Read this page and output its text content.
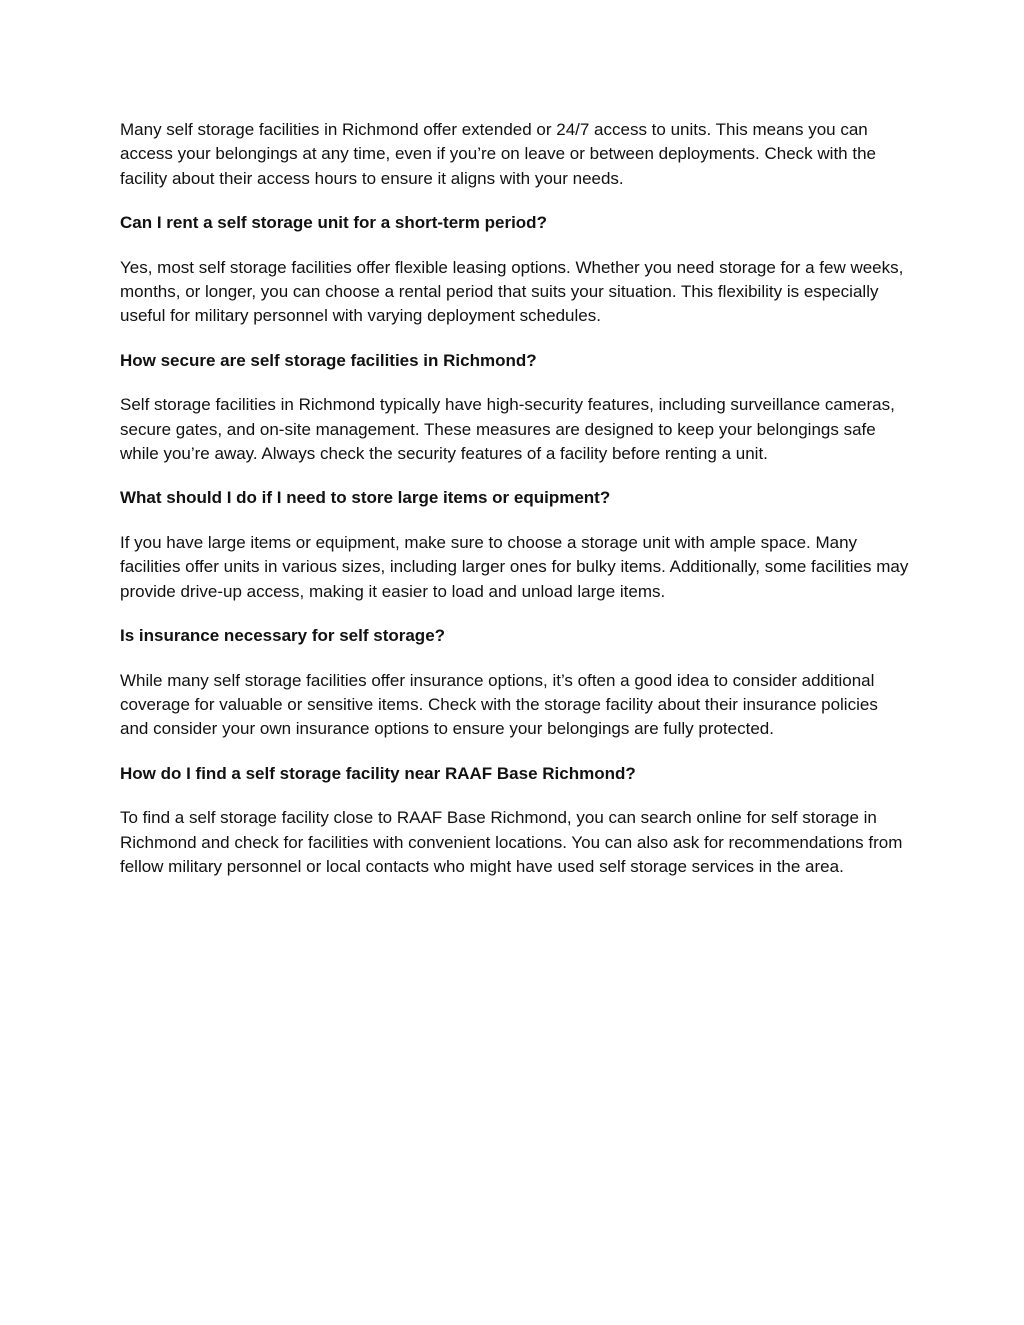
Many self storage facilities in Richmond offer extended or 24/7 access to units. This means you can access your belongings at any time, even if you’re on leave or between deployments. Check with the facility about their access hours to ensure it aligns with your needs.

Can I rent a self storage unit for a short-term period?

Yes, most self storage facilities offer flexible leasing options. Whether you need storage for a few weeks, months, or longer, you can choose a rental period that suits your situation. This flexibility is especially useful for military personnel with varying deployment schedules.

How secure are self storage facilities in Richmond?

Self storage facilities in Richmond typically have high-security features, including surveillance cameras, secure gates, and on-site management. These measures are designed to keep your belongings safe while you’re away. Always check the security features of a facility before renting a unit.

What should I do if I need to store large items or equipment?

If you have large items or equipment, make sure to choose a storage unit with ample space. Many facilities offer units in various sizes, including larger ones for bulky items. Additionally, some facilities may provide drive-up access, making it easier to load and unload large items.

Is insurance necessary for self storage?

While many self storage facilities offer insurance options, it’s often a good idea to consider additional coverage for valuable or sensitive items. Check with the storage facility about their insurance policies and consider your own insurance options to ensure your belongings are fully protected.

How do I find a self storage facility near RAAF Base Richmond?

To find a self storage facility close to RAAF Base Richmond, you can search online for self storage in Richmond and check for facilities with convenient locations. You can also ask for recommendations from fellow military personnel or local contacts who might have used self storage services in the area.
